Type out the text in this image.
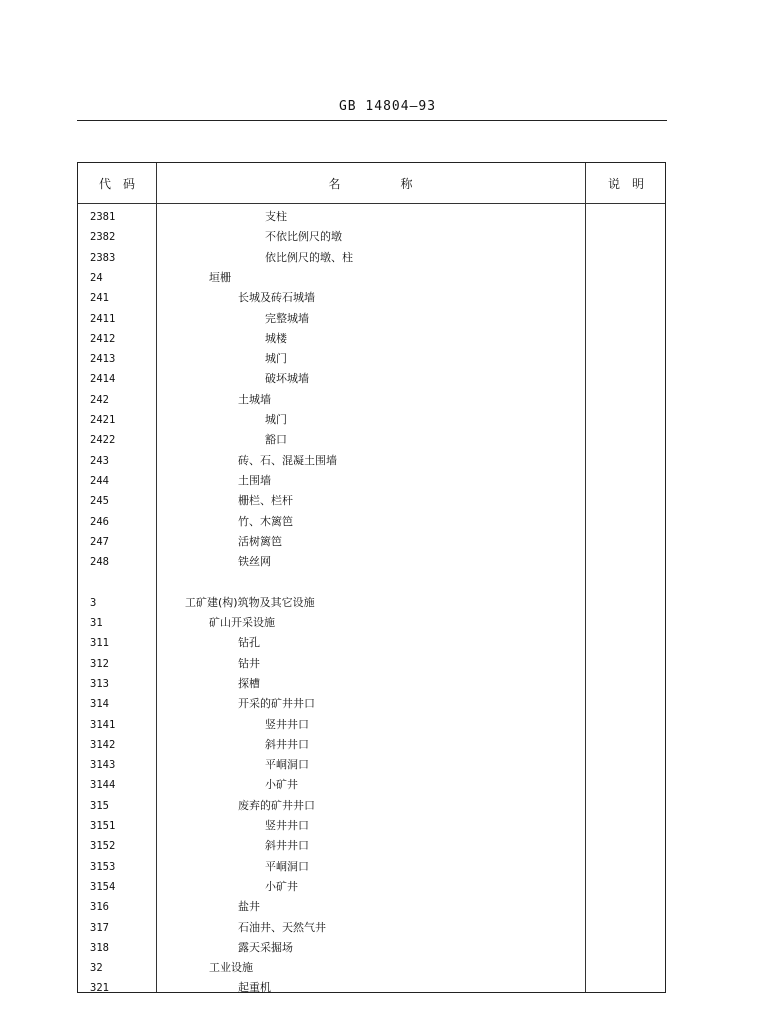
GB 14804—93
代　码	名　　　　　称	说　明
2381	支柱
2382	不依比例尺的墩
2383	依比例尺的墩、柱
24	垣栅
241	长城及砖石城墙
2411	完整城墙
2412	城楼
2413	城门
2414	破坏城墙
242	土城墙
2421	城门
2422	豁口
243	砖、石、混凝土围墙
244	土围墙
245	栅栏、栏杆
246	竹、木篱笆
247	活树篱笆
248	铁丝网
3	工矿建(构)筑物及其它设施
31	矿山开采设施
311	钻孔
312	钻井
313	探槽
314	开采的矿井井口
3141	竖井井口
3142	斜井井口
3143	平峒洞口
3144	小矿井
315	废弃的矿井井口
3151	竖井井口
3152	斜井井口
3153	平峒洞口
3154	小矿井
316	盐井
317	石油井、天然气井
318	露天采掘场
32	工业设施
321	起重机
